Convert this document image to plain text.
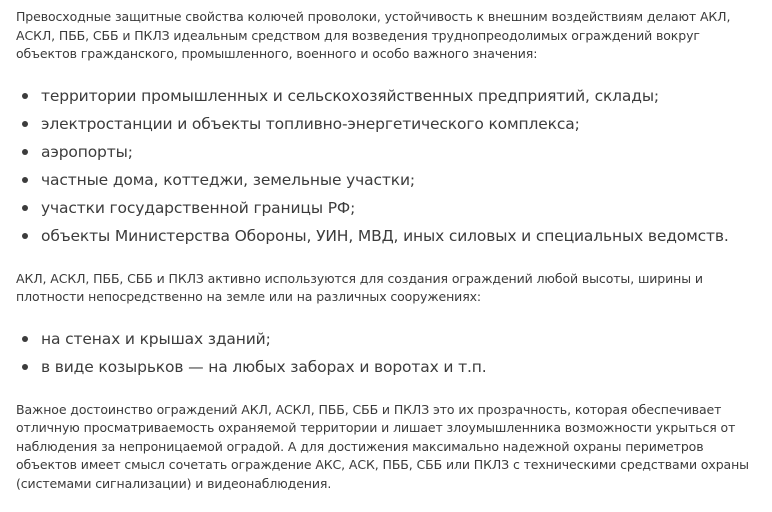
Превосходные защитные свойства колючей проволоки, устойчивость к внешним воздействиям делают АКЛ, АСКЛ, ПББ, СББ и ПКЛЗ идеальным средством для возведения труднопреодолимых ограждений вокруг объектов гражданского, промышленного, военного и особо важного значения:

территории промышленных и сельскохозяйственных предприятий, склады;
электростанции и объекты топливно-энергетического комплекса;
аэропорты;
частные дома, коттеджи, земельные участки;
участки государственной границы РФ;
объекты Министерства Обороны, УИН, МВД, иных силовых и специальных ведомств.

АКЛ, АСКЛ, ПББ, СББ и ПКЛЗ активно используются для создания ограждений любой высоты, ширины и плотности непосредственно на земле или на различных сооружениях:

на стенах и крышах зданий;
в виде козырьков — на любых заборах и воротах и т.п.

Важное достоинство ограждений АКЛ, АСКЛ, ПББ, СББ и ПКЛЗ это их прозрачность, которая обеспечивает отличную просматриваемость охраняемой территории и лишает злоумышленника возможности укрыться от наблюдения за непроницаемой оградой. А для достижения максимально надежной охраны периметров объектов имеет смысл сочетать ограждение АКС, АСК, ПББ, СББ или ПКЛЗ с техническими средствами охраны (системами сигнализации) и видеонаблюдения.
